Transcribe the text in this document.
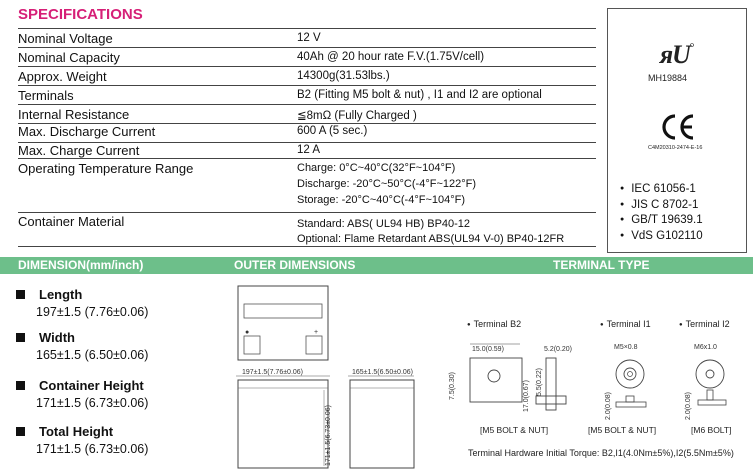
SPECIFICATIONS
Nominal Voltage	12 V
Nominal Capacity	40Ah @ 20 hour rate F.V.(1.75V/cell)
Approx. Weight	14300g(31.53lbs.)
Terminals	B2 (Fitting M5 bolt & nut) , I1 and I2 are optional
Internal Resistance	≦8mΩ (Fully Charged )
Max. Discharge Current	600 A (5 sec.)
Max. Charge Current	12 A
Operating Temperature Range	Charge: 0°C~40°C(32°F~104°F)
Discharge: -20°C~50°C(-4°F~122°F)
Storage: -20°C~40°C(-4°F~104°F)
Container Material	Standard: ABS( UL94 HB) BP40-12
Optional: Flame Retardant ABS(UL94 V-0) BP40-12FR
ᴙ U
MH19884
C4M20310-2474-E-16
● IEC 61056-1
● JIS C 8702-1
● GB/T 19639.1
● VdS G102110
DIMENSION(mm/inch)	OUTER DIMENSIONS	TERMINAL TYPE
Length
197±1.5 (7.76±0.06)
Width
165±1.5 (6.50±0.06)
Container Height
171±1.5 (6.73±0.06)
Total Height
171±1.5 (6.73±0.06)
●	+
197±1.5(7.76±0.06)
171±1.5(6.73±0.06)
165±1.5(6.50±0.06)
● Terminal B2	● Terminal I1	● Terminal I2
15.0(0.59)	5.2(0.20)
7.5(0.30)	17.0(0.67) 5.5(0.22)
M5×0.8
2.0(0.08)
M6x1.0
2.0(0.08)
[M5 BOLT & NUT]	[M5 BOLT & NUT]	[M6 BOLT]
Terminal Hardware Initial Torque: B2,I1(4.0Nm±5%),I2(5.5Nm±5%)
